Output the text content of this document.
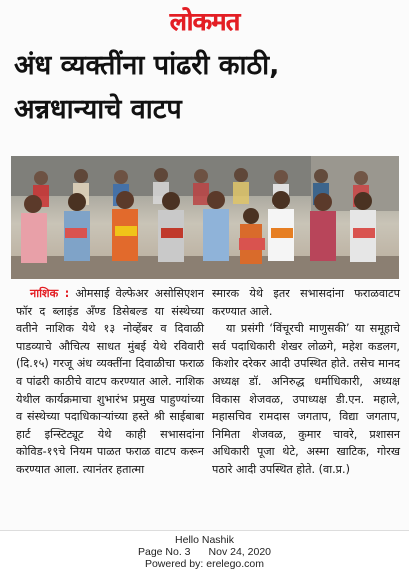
लोकमत
अंध व्यक्तींना पांढरी काठी,
अन्नधान्याचे वाटप
नाशिक : ओमसाई वेल्फेअर असोसिएशन फॉर द ब्लाइंड अँण्ड डिसेबल्ड या संस्थेच्या वतीने नाशिक येथे १३ नोव्हेंबर व दिवाळी पाडव्याचे औचित्य साधत मुंबई येथे रविवारी (दि.१५) गरजू अंध व्यक्तींना दिवाळीचा फराळ व पांढरी काठीचे वाटप करण्यात आले. नाशिक येथील कार्यक्रमाचा शुभारंभ प्रमुख पाहुण्यांच्या व संस्थेच्या पदाधिकाऱ्यांच्या हस्ते श्री साईबाबा हार्ट इन्स्टिट्यूट येथे काही सभासदांना कोविड-१९चे नियम पाळत फराळ वाटप करून करण्यात आला. त्यानंतर हतात्मा
स्मारक येथे इतर सभासदांना फराळवाटप करण्यात आले.
या प्रसंगी ‘विंचूरची माणुसकी’ या समूहाचे सर्व पदाधिकारी शेखर लोळगे, महेश कडलग, किशोर दरेकर आदी उपस्थित होते. तसेच मानद अध्यक्ष डॉ. अनिरुद्ध धर्माधिकारी, अध्यक्ष विकास शेजवळ, उपाध्यक्ष डी.एन. महाले, महासचिव रामदास जगताप, विद्या जगताप, निमिता शेजवळ, कुमार चावरे, प्रशासन अधिकारी पूजा थेटे, अस्मा खाटिक, गोरख पठारे आदी उपस्थित होते. (वा.प्र.)
Hello Nashik
Page No. 3 Nov 24, 2020
Powered by: erelego.com
